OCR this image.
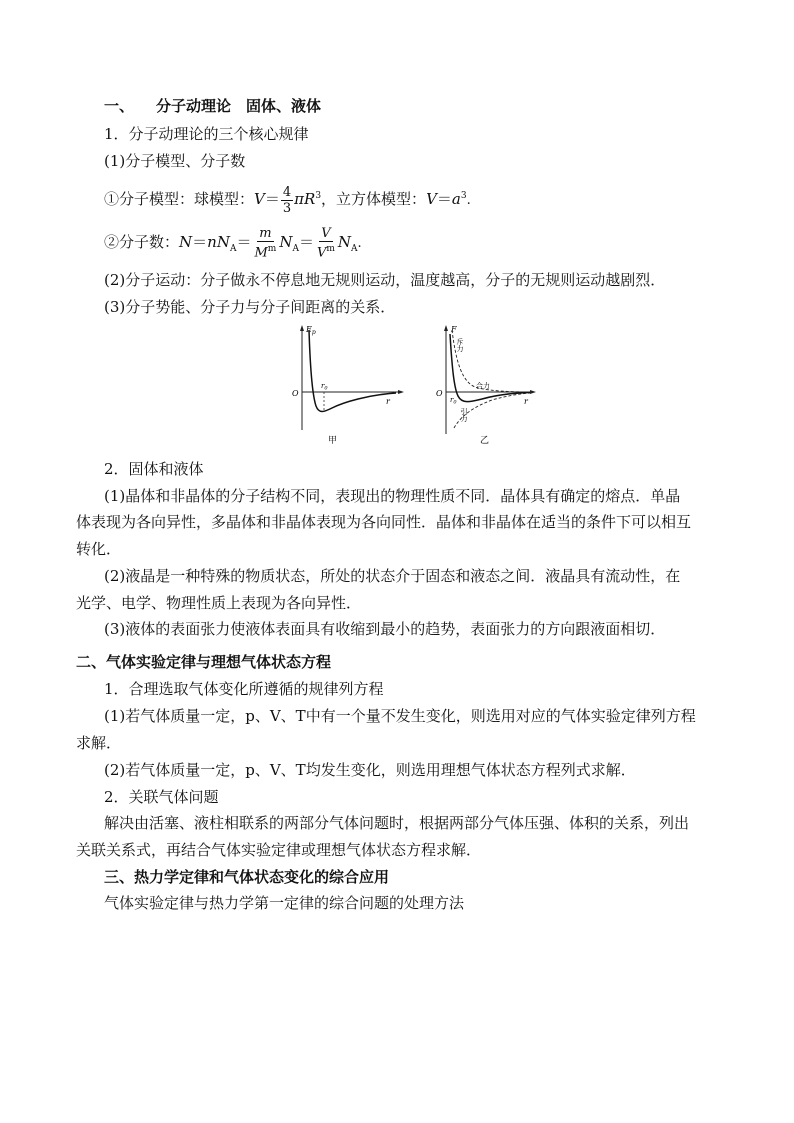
一、 分子动理论　固体、液体
1．分子动理论的三个核心规律
(1)分子模型、分子数
①分子模型：球模型：$V= \frac{4}{3} \pi R^3$，立方体模型：$V=a^3$.
②分子数：$N=nN_A= \frac{m}{M^m} N_A= \frac{V}{V^m} N_A$.
(2)分子运动：分子做永不停息地无规则运动，温度越高，分子的无规则运动越剧烈．
(3)分子势能、分子力与分子间距离的关系．
$E_p$
O
$r_0$
r
甲
F
O
$r_0$	r
斥力
合力
引力
乙
2．固体和液体
(1)晶体和非晶体的分子结构不同，表现出的物理性质不同．晶体具有确定的熔点．单晶
体表现为各向异性，多晶体和非晶体表现为各向同性．晶体和非晶体在适当的条件下可以相互
转化．
(2)液晶是一种特殊的物质状态，所处的状态介于固态和液态之间．液晶具有流动性，在
光学、电学、物理性质上表现为各向异性．
(3)液体的表面张力使液体表面具有收缩到最小的趋势，表面张力的方向跟液面相切．
二、气体实验定律与理想气体状态方程
1．合理选取气体变化所遵循的规律列方程
(1)若气体质量一定，p、V、T中有一个量不发生变化，则选用对应的气体实验定律列方程
求解．
(2)若气体质量一定，p、V、T均发生变化，则选用理想气体状态方程列式求解．
2．关联气体问题
解决由活塞、液柱相联系的两部分气体问题时，根据两部分气体压强、体积的关系，列出
关联关系式，再结合气体实验定律或理想气体状态方程求解．
三、热力学定律和气体状态变化的综合应用
气体实验定律与热力学第一定律的综合问题的处理方法
